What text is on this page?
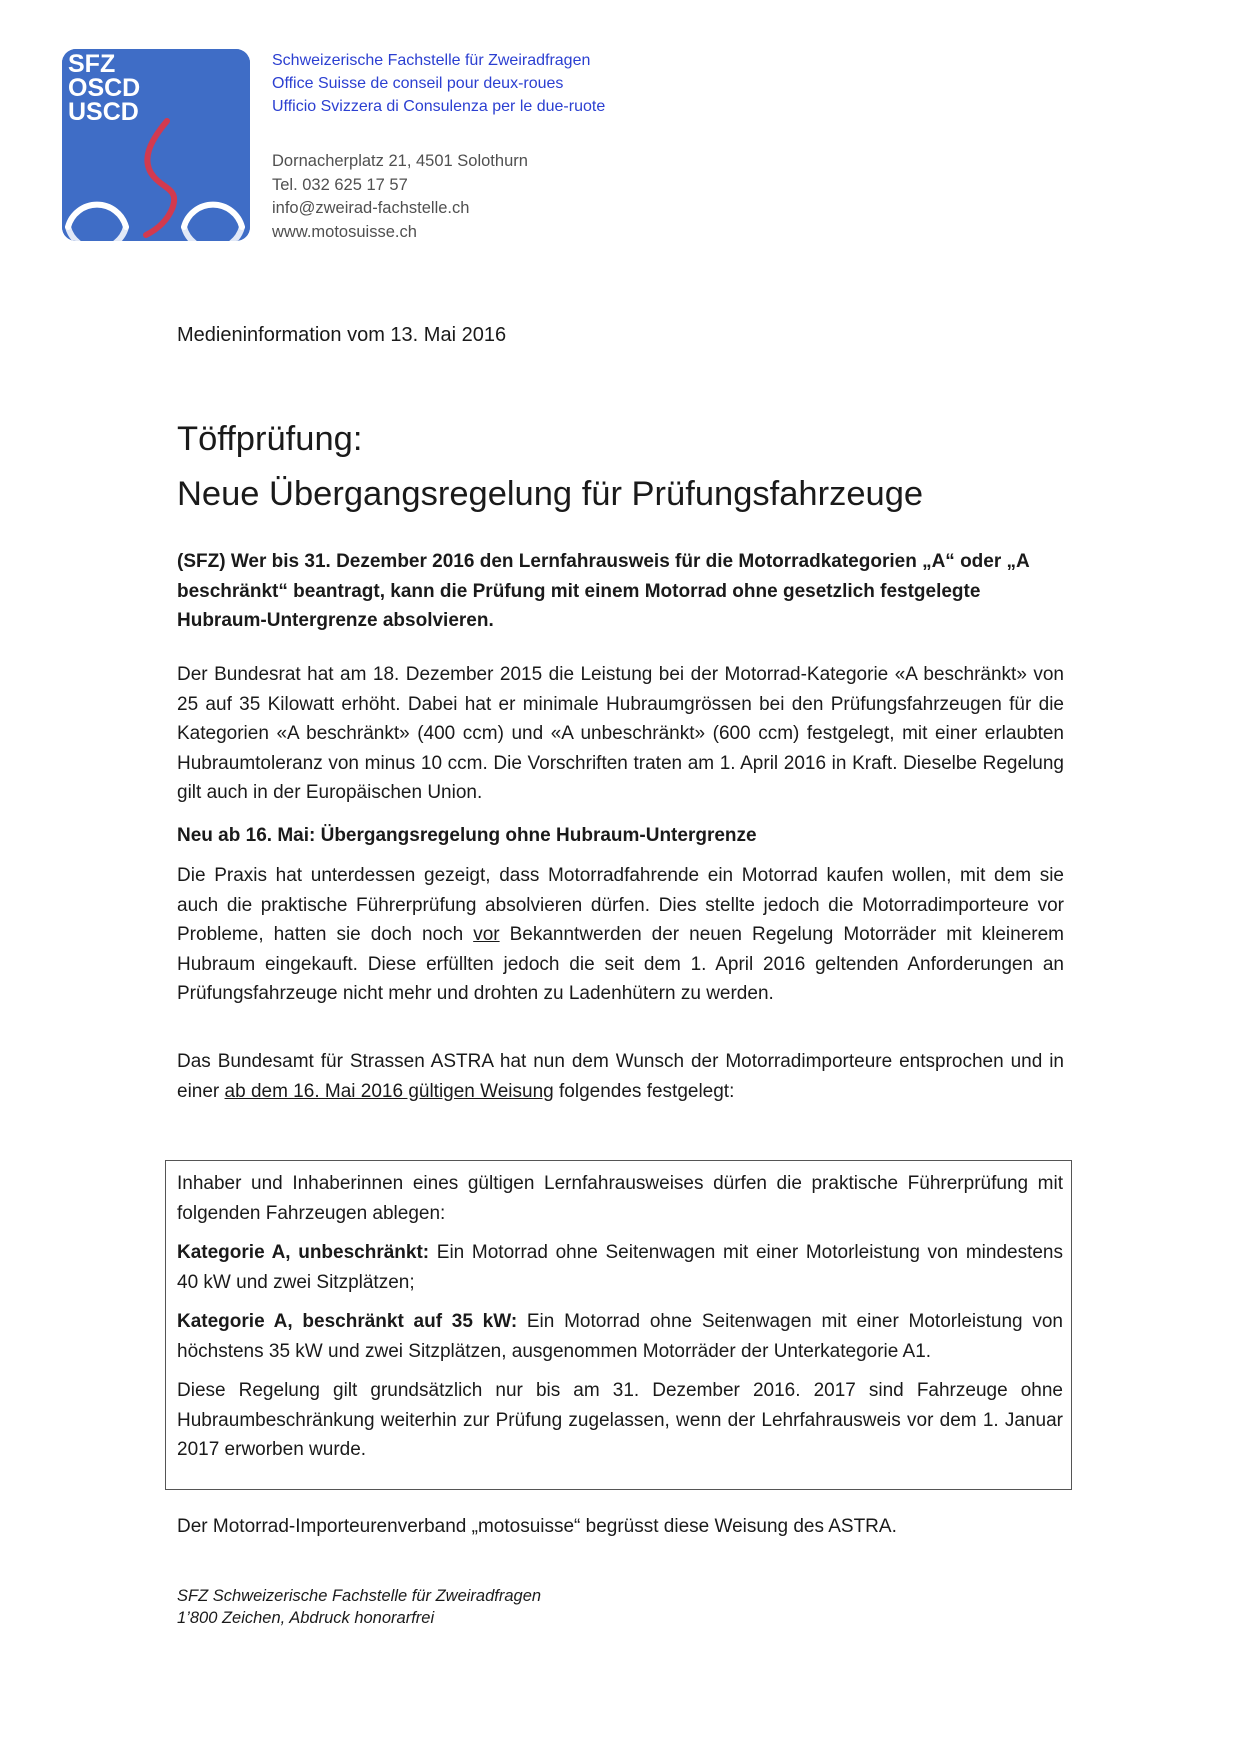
SFZ
OSCD
USCD
Schweizerische Fachstelle für Zweiradfragen
Office Suisse de conseil pour deux-roues
Ufficio Svizzera di Consulenza per le due-ruote
Dornacherplatz 21, 4501 Solothurn
Tel. 032 625 17 57
info@zweirad-fachstelle.ch
www.motosuisse.ch
Medieninformation vom 13. Mai 2016
Töffprüfung:
Neue Übergangsregelung für Prüfungsfahrzeuge
(SFZ) Wer bis 31. Dezember 2016 den Lernfahrausweis für die Motorradkategorien „A“ oder „A beschränkt“ beantragt, kann die Prüfung mit einem Motorrad ohne gesetzlich festgelegte Hubraum-Untergrenze absolvieren.

Der Bundesrat hat am 18. Dezember 2015 die Leistung bei der Motorrad-Kategorie «A beschränkt» von 25 auf 35 Kilowatt erhöht. Dabei hat er minimale Hubraumgrössen bei den Prüfungsfahrzeugen für die Kategorien «A beschränkt» (400 ccm) und «A unbeschränkt» (600 ccm) festgelegt, mit einer erlaubten Hubraumtoleranz von minus 10 ccm. Die Vorschriften traten am 1. April 2016 in Kraft. Dieselbe Regelung gilt auch in der Europäischen Union.

Neu ab 16. Mai: Übergangsregelung ohne Hubraum-Untergrenze

Die Praxis hat unterdessen gezeigt, dass Motorradfahrende ein Motorrad kaufen wollen, mit dem sie auch die praktische Führerprüfung absolvieren dürfen. Dies stellte jedoch die Motorradimporteure vor Probleme, hatten sie doch noch vor Bekanntwerden der neuen Regelung Motorräder mit kleinerem Hubraum eingekauft. Diese erfüllten jedoch die seit dem 1. April 2016 geltenden Anforderungen an Prüfungsfahrzeuge nicht mehr und drohten zu Ladenhütern zu werden.

Das Bundesamt für Strassen ASTRA hat nun dem Wunsch der Motorradimporteure entsprochen und in einer ab dem 16. Mai 2016 gültigen Weisung folgendes festgelegt:

Inhaber und Inhaberinnen eines gültigen Lernfahrausweises dürfen die praktische Führerprüfung mit folgenden Fahrzeugen ablegen:

Kategorie A, unbeschränkt: Ein Motorrad ohne Seitenwagen mit einer Motorleistung von mindestens 40 kW und zwei Sitzplätzen;

Kategorie A, beschränkt auf 35 kW: Ein Motorrad ohne Seitenwagen mit einer Motorleistung von höchstens 35 kW und zwei Sitzplätzen, ausgenommen Motorräder der Unterkategorie A1.

Diese Regelung gilt grundsätzlich nur bis am 31. Dezember 2016. 2017 sind Fahrzeuge ohne Hubraumbeschränkung weiterhin zur Prüfung zugelassen, wenn der Lehrfahrausweis vor dem 1. Januar 2017 erworben wurde.

Der Motorrad-Importeurenverband „motosuisse“ begrüsst diese Weisung des ASTRA.
SFZ Schweizerische Fachstelle für Zweiradfragen
1’800 Zeichen, Abdruck honorarfrei
